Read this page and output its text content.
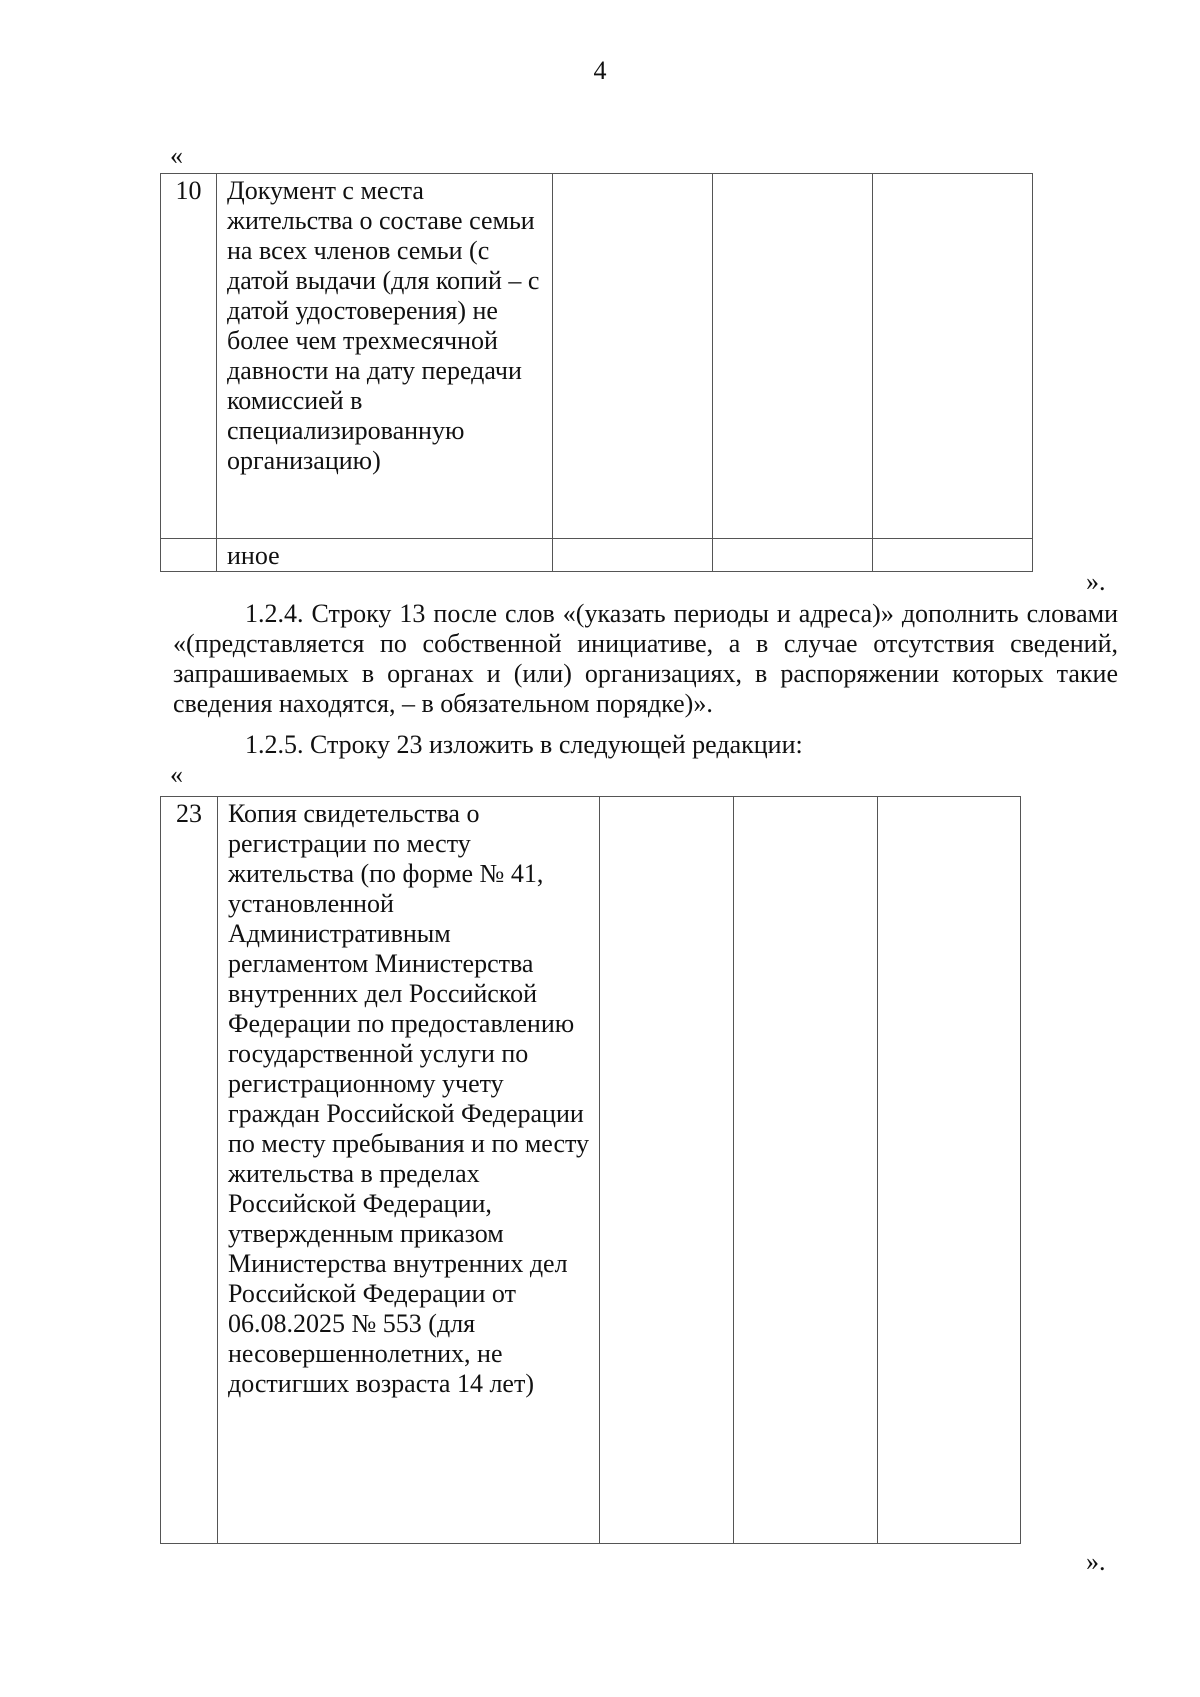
4
«
10	Документ с места жительства о составе семьи на всех членов семьи (с датой выдачи (для копий – с датой удостоверения) не более чем трехмесячной давности на дату передачи комиссией в специализированную организацию)			
	иное			
».

1.2.4. Строку 13 после слов «(указать периоды и адреса)» дополнить словами «(представляется по собственной инициативе, а в случае отсутствия сведений, запрашиваемых в органах и (или) организациях, в распоряжении которых такие сведения находятся, – в обязательном порядке)».

1.2.5. Строку 23 изложить в следующей редакции:

«
23	Копия свидетельства о регистрации по месту жительства (по форме № 41, установленной Административным регламентом Министерства внутренних дел Российской Федерации по предоставлению государственной услуги по регистрационному учету граждан Российской Федерации по месту пребывания и по месту жительства в пределах Российской Федерации, утвержденным приказом Министерства внутренних дел Российской Федерации от 06.08.2025 № 553 (для несовершеннолетних, не достигших возраста 14 лет)			
».
